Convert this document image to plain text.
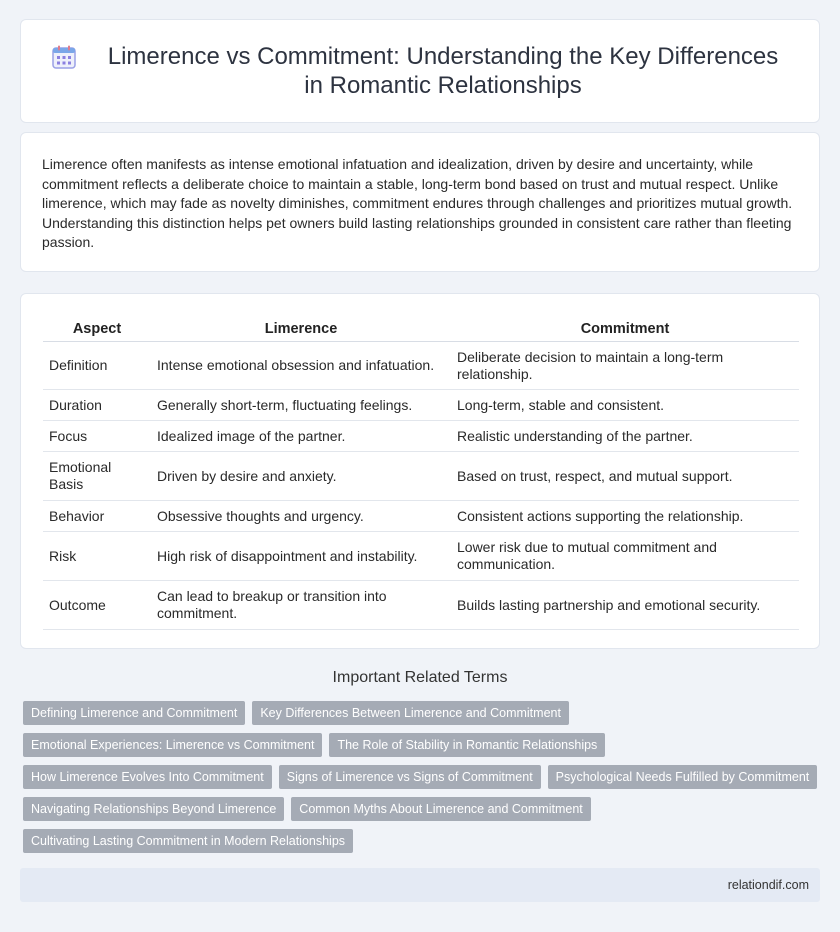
Limerence vs Commitment: Understanding the Key Differences in Romantic Relationships

Limerence often manifests as intense emotional infatuation and idealization, driven by desire and uncertainty, while commitment reflects a deliberate choice to maintain a stable, long-term bond based on trust and mutual respect. Unlike limerence, which may fade as novelty diminishes, commitment endures through challenges and prioritizes mutual growth. Understanding this distinction helps pet owners build lasting relationships grounded in consistent care rather than fleeting passion.

Aspect	Limerence	Commitment
Definition	Intense emotional obsession and infatuation.	Deliberate decision to maintain a long-term relationship.
Duration	Generally short-term, fluctuating feelings.	Long-term, stable and consistent.
Focus	Idealized image of the partner.	Realistic understanding of the partner.
Emotional Basis	Driven by desire and anxiety.	Based on trust, respect, and mutual support.
Behavior	Obsessive thoughts and urgency.	Consistent actions supporting the relationship.
Risk	High risk of disappointment and instability.	Lower risk due to mutual commitment and communication.
Outcome	Can lead to breakup or transition into commitment.	Builds lasting partnership and emotional security.
Important Related Terms
Defining Limerence and Commitment	Key Differences Between Limerence and Commitment
Emotional Experiences: Limerence vs Commitment	The Role of Stability in Romantic Relationships
How Limerence Evolves Into Commitment	Signs of Limerence vs Signs of Commitment	Psychological Needs Fulfilled by Commitment
Navigating Relationships Beyond Limerence	Common Myths About Limerence and Commitment
Cultivating Lasting Commitment in Modern Relationships
relationdif.com
